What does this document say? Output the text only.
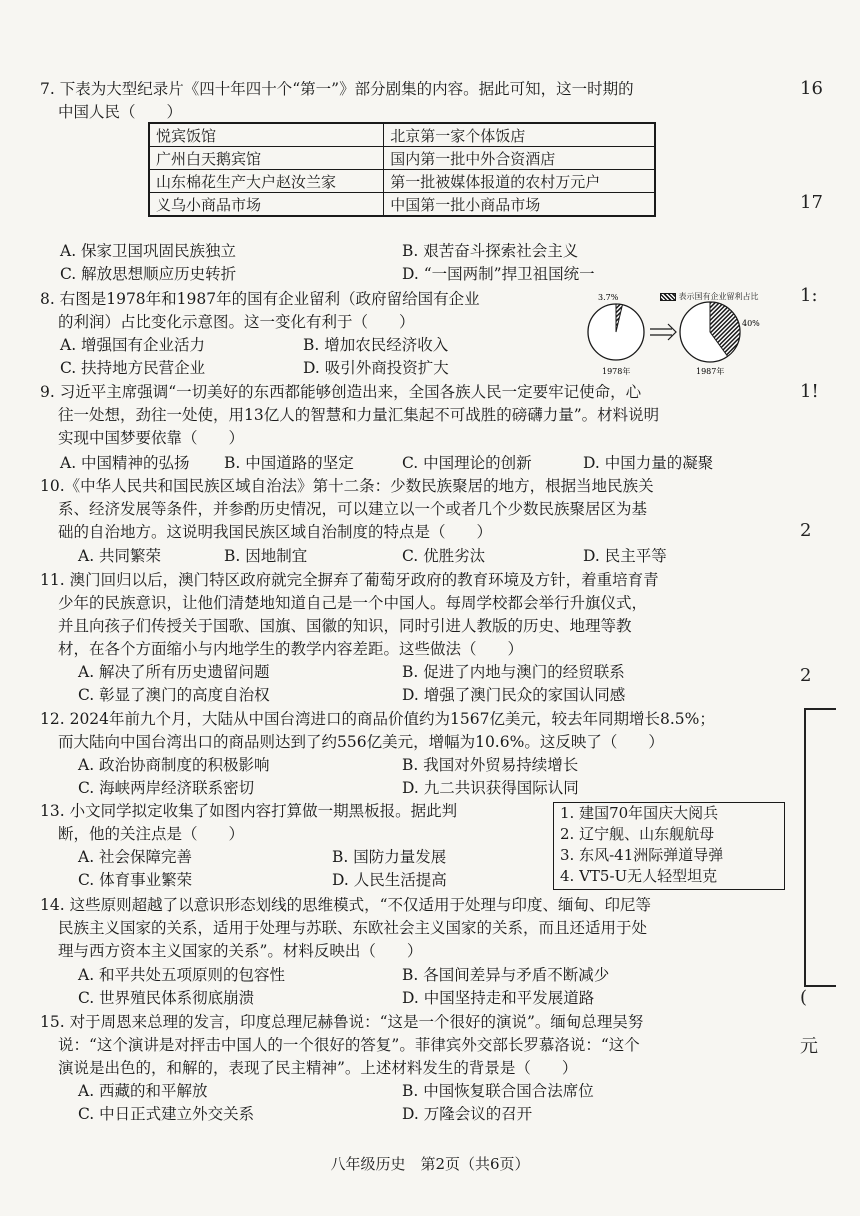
7. 下表为大型纪录片《四十年四十个“第一”》部分剧集的内容。据此可知，这一时期的
中国人民（　　）
悦宾饭馆	北京第一家个体饭店
广州白天鹅宾馆	国内第一批中外合资酒店
山东棉花生产大户赵汝兰家	第一批被媒体报道的农村万元户
义乌小商品市场	中国第一批小商品市场
A. 保家卫国巩固民族独立	B. 艰苦奋斗探索社会主义
C. 解放思想顺应历史转折	D. “一国两制”捍卫祖国统一
8. 右图是1978年和1987年的国有企业留利（政府留给国有企业
的利润）占比变化示意图。这一变化有利于（　　）
A. 增强国有企业活力	B. 增加农民经济收入
C. 扶持地方民营企业	D. 吸引外商投资扩大
表示国有企业留利占比
3.7%
1978年
40%
1987年
9. 习近平主席强调“一切美好的东西都能够创造出来，全国各族人民一定要牢记使命，心
往一处想，劲往一处使，用13亿人的智慧和力量汇集起不可战胜的磅礴力量”。材料说明
实现中国梦要依靠（　　）
A. 中国精神的弘扬 B. 中国道路的坚定	C. 中国理论的创新	D. 中国力量的凝聚
10.《中华人民共和国民族区域自治法》第十二条：少数民族聚居的地方，根据当地民族关
系、经济发展等条件，并参酌历史情况，可以建立以一个或者几个少数民族聚居区为基
础的自治地方。这说明我国民族区域自治制度的特点是（　　）
A. 共同繁荣	B. 因地制宜	C. 优胜劣汰	D. 民主平等
11. 澳门回归以后，澳门特区政府就完全摒弃了葡萄牙政府的教育环境及方针，着重培育青
少年的民族意识，让他们清楚地知道自己是一个中国人。每周学校都会举行升旗仪式，
并且向孩子们传授关于国歌、国旗、国徽的知识，同时引进人教版的历史、地理等教
材，在各个方面缩小与内地学生的教学内容差距。这些做法（　　）
A. 解决了所有历史遗留问题	B. 促进了内地与澳门的经贸联系
C. 彰显了澳门的高度自治权	D. 增强了澳门民众的家国认同感
12. 2024年前九个月，大陆从中国台湾进口的商品价值约为1567亿美元，较去年同期增长8.5%；
而大陆向中国台湾出口的商品则达到了约556亿美元，增幅为10.6%。这反映了（　　）
A. 政治协商制度的积极影响	B. 我国对外贸易持续增长
C. 海峡两岸经济联系密切	D. 九二共识获得国际认同
13. 小文同学拟定收集了如图内容打算做一期黑板报。据此判
断，他的关注点是（　　）
A. 社会保障完善	B. 国防力量发展
C. 体育事业繁荣	D. 人民生活提高
1. 建国70年国庆大阅兵
2. 辽宁舰、山东舰航母
3. 东风-41洲际弹道导弹
4. VT5-U无人轻型坦克
14. 这些原则超越了以意识形态划线的思维模式，“不仅适用于处理与印度、缅甸、印尼等
民族主义国家的关系，适用于处理与苏联、东欧社会主义国家的关系，而且还适用于处
理与西方资本主义国家的关系”。材料反映出（　　）
A. 和平共处五项原则的包容性	B. 各国间差异与矛盾不断减少
C. 世界殖民体系彻底崩溃	D. 中国坚持走和平发展道路
15. 对于周恩来总理的发言，印度总理尼赫鲁说：“这是一个很好的演说”。缅甸总理吴努
说：“这个演讲是对抨击中国人的一个很好的答复”。菲律宾外交部长罗慕洛说：“这个
演说是出色的，和解的，表现了民主精神”。上述材料发生的背景是（　　）
A. 西藏的和平解放	B. 中国恢复联合国合法席位
C. 中日正式建立外交关系	D. 万隆会议的召开
八年级历史　第2页（共6页）
16
17
1:
1!
2
2
(
元
